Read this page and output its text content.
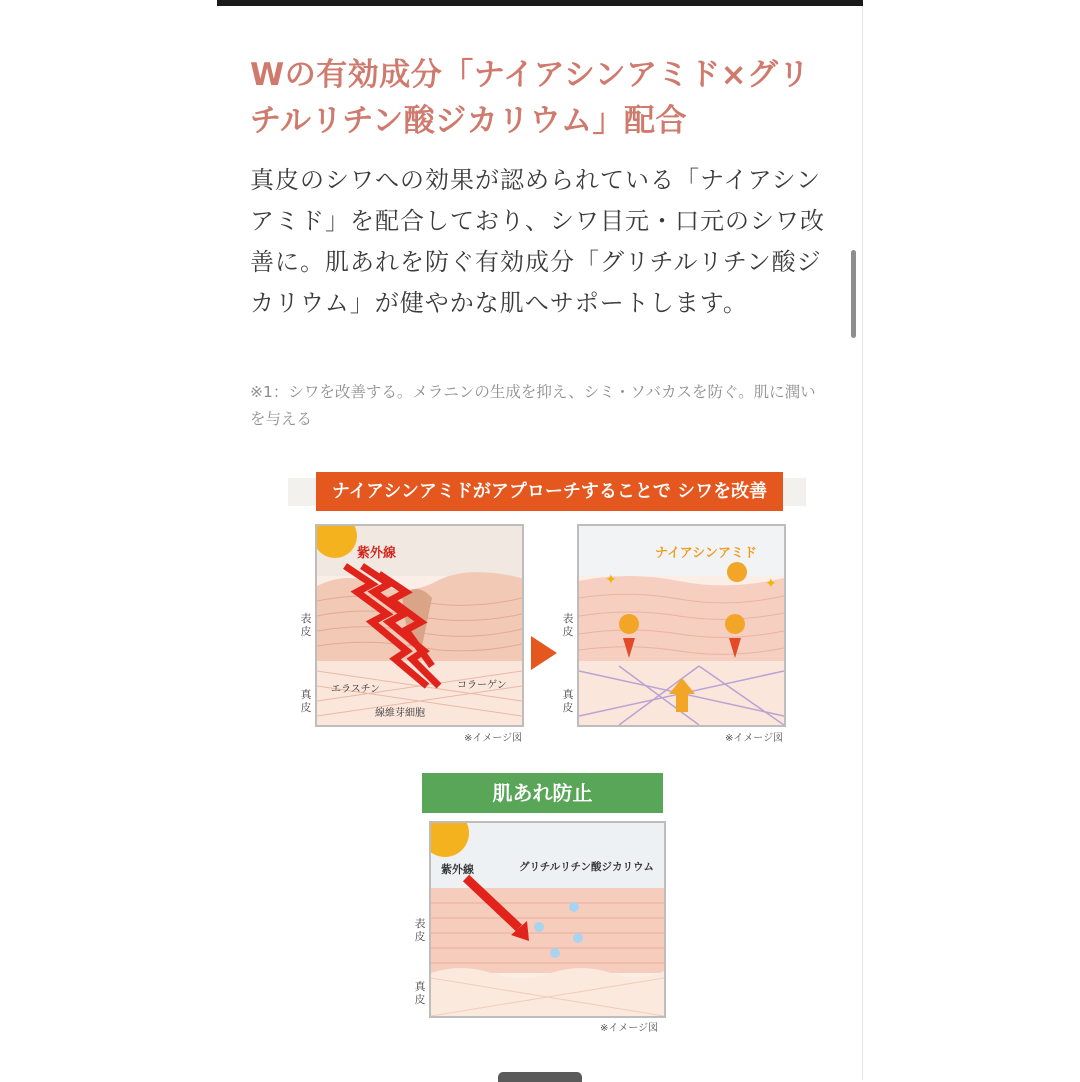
Wの有効成分「ナイアシンアミド×グリチルリチン酸ジカリウム」配合

真皮のシワへの効果が認められている「ナイアシンアミド」を配合しており、シワ目元・口元のシワ改善に。肌あれを防ぐ有効成分「グリチルリチン酸ジカリウム」が健やかな肌へサポートします。

※1：シワを改善する。メラニンの生成を抑え、シミ・ソバカスを防ぐ。肌に潤いを与える

ナイアシンアミドがアプローチすることで シワを改善
紫外線
エラスチン	コラーゲン
線維芽細胞
表皮
真皮
※イメージ図
✦	✦
ナイアシンアミド
表皮
真皮
※イメージ図
肌あれ防止
紫外線	グリチルリチン酸ジカリウム
表皮
真皮
※イメージ図
